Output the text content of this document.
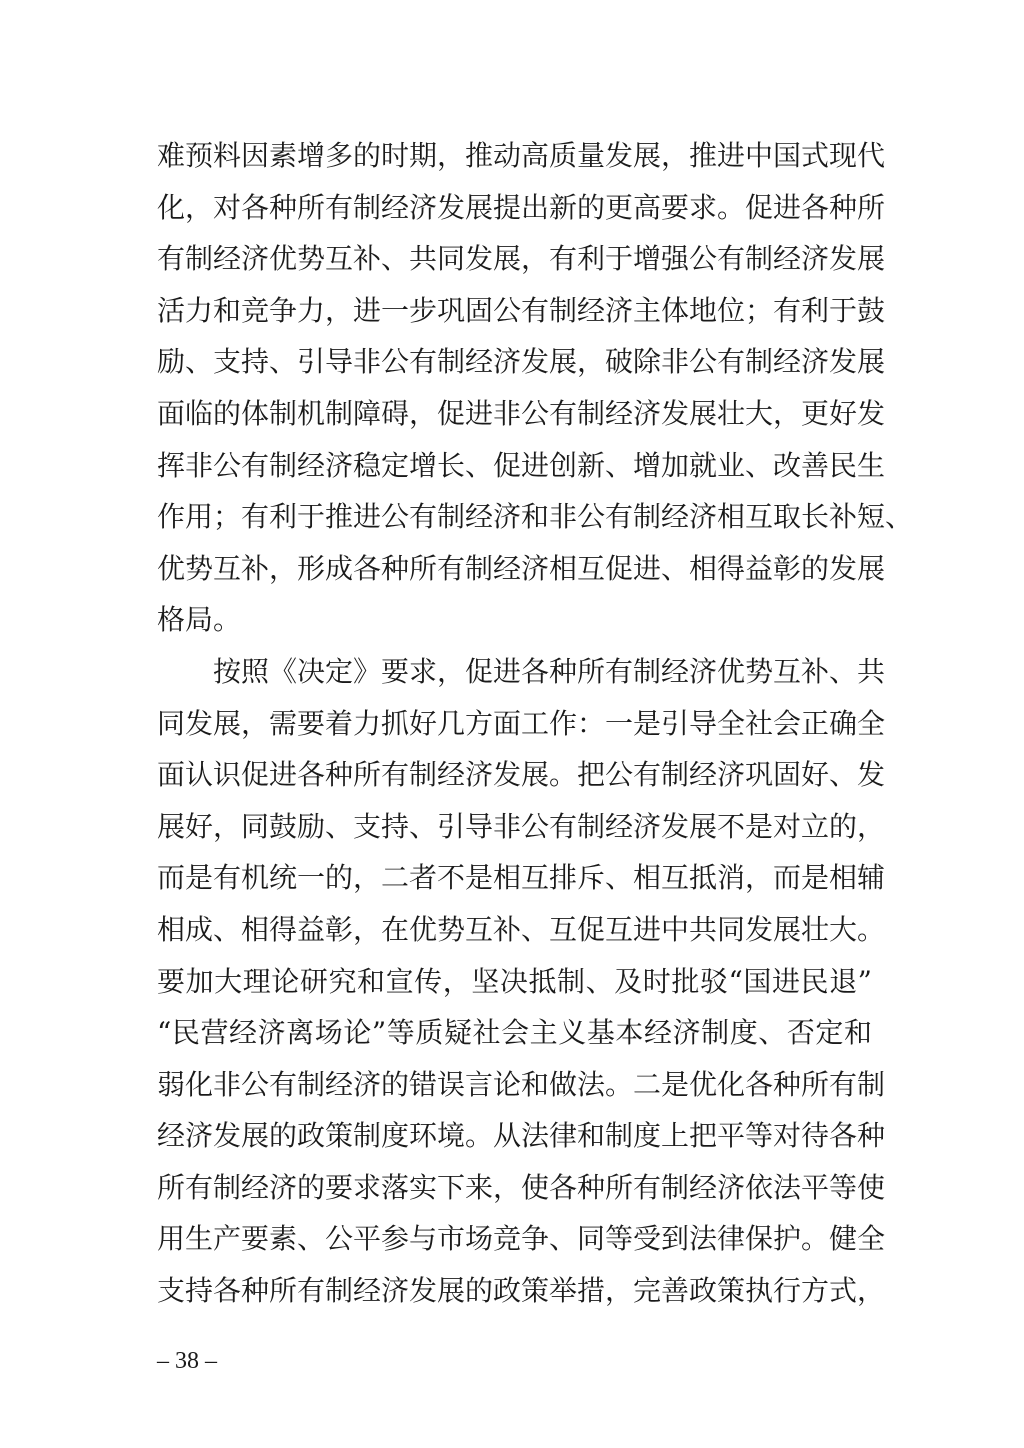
难预料因素增多的时期，推动高质量发展，推进中国式现代
化，对各种所有制经济发展提出新的更高要求。促进各种所
有制经济优势互补、共同发展，有利于增强公有制经济发展
活力和竞争力，进一步巩固公有制经济主体地位；有利于鼓
励、支持、引导非公有制经济发展，破除非公有制经济发展
面临的体制机制障碍，促进非公有制经济发展壮大，更好发
挥非公有制经济稳定增长、促进创新、增加就业、改善民生
作用；有利于推进公有制经济和非公有制经济相互取长补短、
优势互补，形成各种所有制经济相互促进、相得益彰的发展
格局。
按照《决定》要求，促进各种所有制经济优势互补、共
同发展，需要着力抓好几方面工作：一是引导全社会正确全
面认识促进各种所有制经济发展。把公有制经济巩固好、发
展好，同鼓励、支持、引导非公有制经济发展不是对立的，
而是有机统一的，二者不是相互排斥、相互抵消，而是相辅
相成、相得益彰，在优势互补、互促互进中共同发展壮大。
要加大理论研究和宣传，坚决抵制、及时批驳“国进民退”
“民营经济离场论”等质疑社会主义基本经济制度、否定和
弱化非公有制经济的错误言论和做法。二是优化各种所有制
经济发展的政策制度环境。从法律和制度上把平等对待各种
所有制经济的要求落实下来，使各种所有制经济依法平等使
用生产要素、公平参与市场竞争、同等受到法律保护。健全
支持各种所有制经济发展的政策举措，完善政策执行方式，
– 38 –
